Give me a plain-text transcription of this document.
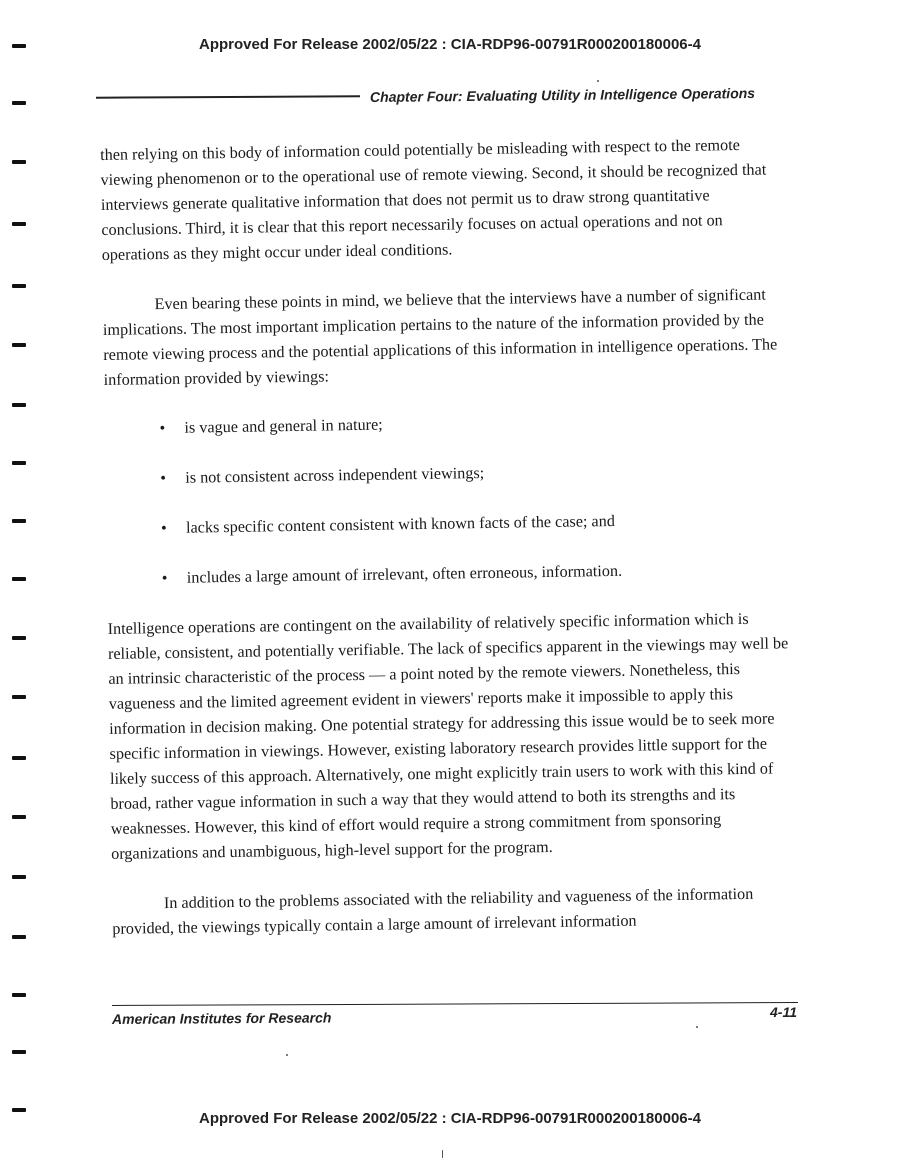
Approved For Release 2002/05/22 : CIA-RDP96-00791R000200180006-4
Chapter Four: Evaluating Utility in Intelligence Operations

then relying on this body of information could potentially be misleading with respect to the remote viewing phenomenon or to the operational use of remote viewing. Second, it should be recognized that interviews generate qualitative information that does not permit us to draw strong quantitative conclusions. Third, it is clear that this report necessarily focuses on actual operations and not on operations as they might occur under ideal conditions.

Even bearing these points in mind, we believe that the interviews have a number of significant implications. The most important implication pertains to the nature of the information provided by the remote viewing process and the potential applications of this information in intelligence operations. The information provided by viewings:

• is vague and general in nature;
• is not consistent across independent viewings;
• lacks specific content consistent with known facts of the case; and
• includes a large amount of irrelevant, often erroneous, information.

Intelligence operations are contingent on the availability of relatively specific information which is reliable, consistent, and potentially verifiable. The lack of specifics apparent in the viewings may well be an intrinsic characteristic of the process — a point noted by the remote viewers. Nonetheless, this vagueness and the limited agreement evident in viewers' reports make it impossible to apply this information in decision making. One potential strategy for addressing this issue would be to seek more specific information in viewings. However, existing laboratory research provides little support for the likely success of this approach. Alternatively, one might explicitly train users to work with this kind of broad, rather vague information in such a way that they would attend to both its strengths and its weaknesses. However, this kind of effort would require a strong commitment from sponsoring organizations and unambiguous, high-level support for the program.

In addition to the problems associated with the reliability and vagueness of the information provided, the viewings typically contain a large amount of irrelevant information

American Institutes for Research	4-11
Approved For Release 2002/05/22 : CIA-RDP96-00791R000200180006-4
